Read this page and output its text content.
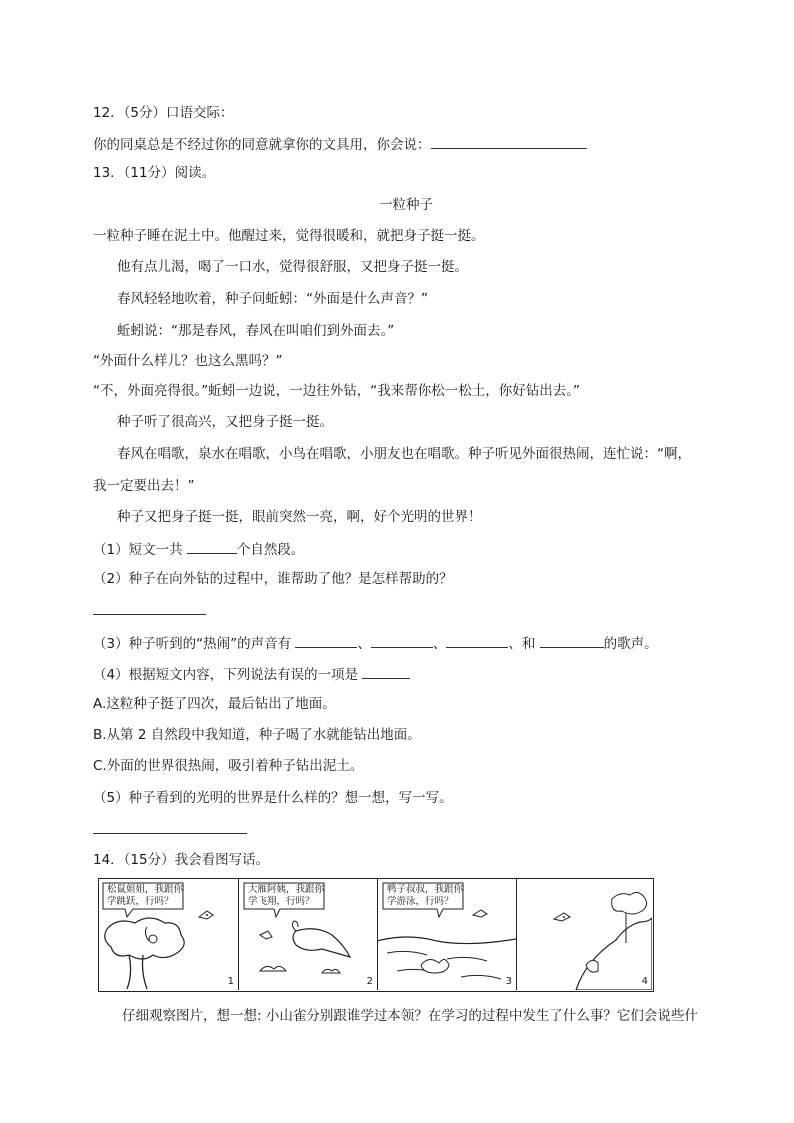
12．（5分）口语交际：
你的同桌总是不经过你的同意就拿你的文具用，你会说：
13．（11分）阅读。
一粒种子
一粒种子睡在泥土中。他醒过来，觉得很暖和，就把身子挺一挺。
他有点儿渴，喝了一口水，觉得很舒服，又把身子挺一挺。
春风轻轻地吹着，种子问蚯蚓：“外面是什么声音？”
蚯蚓说：“那是春风，春风在叫咱们到外面去。”
“外面什么样儿？也这么黑吗？”
“不，外面亮得很。”蚯蚓一边说，一边往外钻，“我来帮你松一松土，你好钻出去。”
种子听了很高兴，又把身子挺一挺。
春风在唱歌，泉水在唱歌，小鸟在唱歌，小朋友也在唱歌。种子听见外面很热闹，连忙说：“啊，
我一定要出去！”
种子又把身子挺一挺，眼前突然一亮，啊，好个光明的世界！
（1）短文一共	个自然段。
（2）种子在向外钻的过程中，谁帮助了他？是怎样帮助的？
（3）种子听到的“热闹”的声音有	、	、	、和	的歌声。
（4）根据短文内容，下列说法有误的一项是
A.这粒种子挺了四次，最后钻出了地面。
B.从第 2 自然段中我知道，种子喝了水就能钻出地面。
C.外面的世界很热闹，吸引着种子钻出泥土。
（5）种子看到的光明的世界是什么样的？想一想，写一写。
14．（15分）我会看图写话。
松鼠姐姐，我跟你
学跳跃，行吗？
1
大雁阿姨，我跟你
学飞翔，行吗？
2
鸭子叔叔，我跟你
学游泳，行吗？
3	4
仔细观察图片，想一想: 小山雀分别跟谁学过本领？在学习的过程中发生了什么事？它们会说些什
